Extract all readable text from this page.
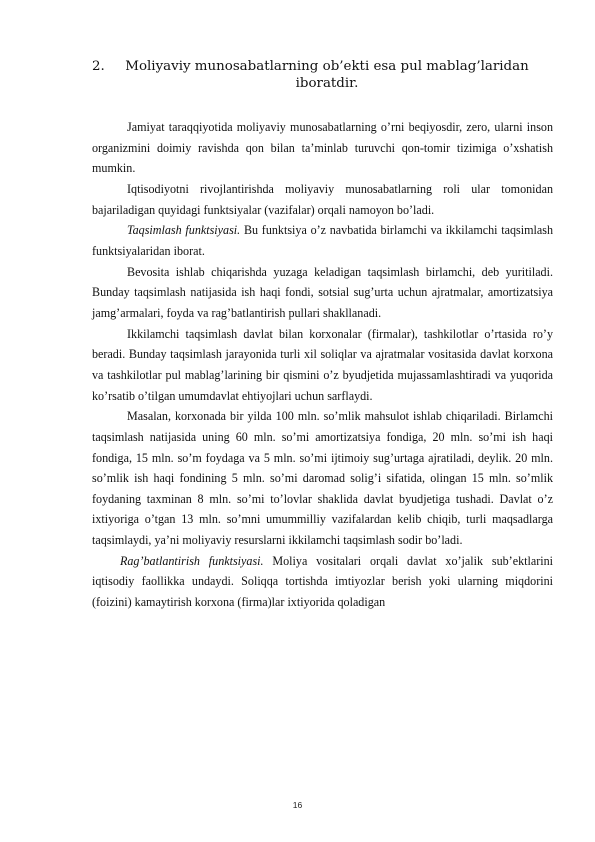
2.	Moliyaviy munosabatlarning ob’ekti esa pul mablag’laridan iboratdir.

Jamiyat taraqqiyotida moliyaviy munosabatlarning o’rni beqiyosdir, zero, ularni inson organizmini doimiy ravishda qon bilan ta’minlab turuvchi qon-tomir tizimiga o’xshatish mumkin.

Iqtisodiyotni rivojlantirishda moliyaviy munosabatlarning roli ular tomonidan bajariladigan quyidagi funktsiyalar (vazifalar) orqali namoyon bo’ladi.

Taqsimlash funktsiyasi. Bu funktsiya o’z navbatida birlamchi va ikkilamchi taqsimlash funktsiyalaridan iborat.

Bevosita ishlab chiqarishda yuzaga keladigan taqsimlash birlamchi, deb yuritiladi. Bunday taqsimlash natijasida ish haqi fondi, sotsial sug’urta uchun ajratmalar, amortizatsiya jamg’armalari, foyda va rag’batlantirish pullari shakllanadi.

Ikkilamchi taqsimlash davlat bilan korxonalar (firmalar), tashkilotlar o’rtasida ro’y beradi. Bunday taqsimlash jarayonida turli xil soliqlar va ajratmalar vositasida davlat korxona va tashkilotlar pul mablag’larining bir qismini o’z byudjetida mujassamlashtiradi va yuqorida ko’rsatib o’tilgan umumdavlat ehtiyojlari uchun sarflaydi.

Masalan, korxonada bir yilda 100 mln. so’mlik mahsulot ishlab chiqariladi. Birlamchi taqsimlash natijasida uning 60 mln. so’mi amortizatsiya fondiga, 20 mln. so’mi ish haqi fondiga, 15 mln. so’m foydaga va 5 mln. so’mi ijtimoiy sug’urtaga ajratiladi, deylik. 20 mln. so’mlik ish haqi fondining 5 mln. so’mi daromad solig’i sifatida, olingan 15 mln. so’mlik foydaning taxminan 8 mln. so’mi to’lovlar shaklida davlat byudjetiga tushadi. Davlat o’z ixtiyoriga o’tgan 13 mln. so’mni umummilliy vazifalardan kelib chiqib, turli maqsadlarga taqsimlaydi, ya’ni moliyaviy resurslarni ikkilamchi taqsimlash sodir bo’ladi.

Rag’batlantirish funktsiyasi. Moliya vositalari orqali davlat xo’jalik sub’ektlarini iqtisodiy faollikka undaydi. Soliqqa tortishda imtiyozlar berish yoki ularning miqdorini (foizini) kamaytirish korxona (firma)lar ixtiyorida qoladigan

16
